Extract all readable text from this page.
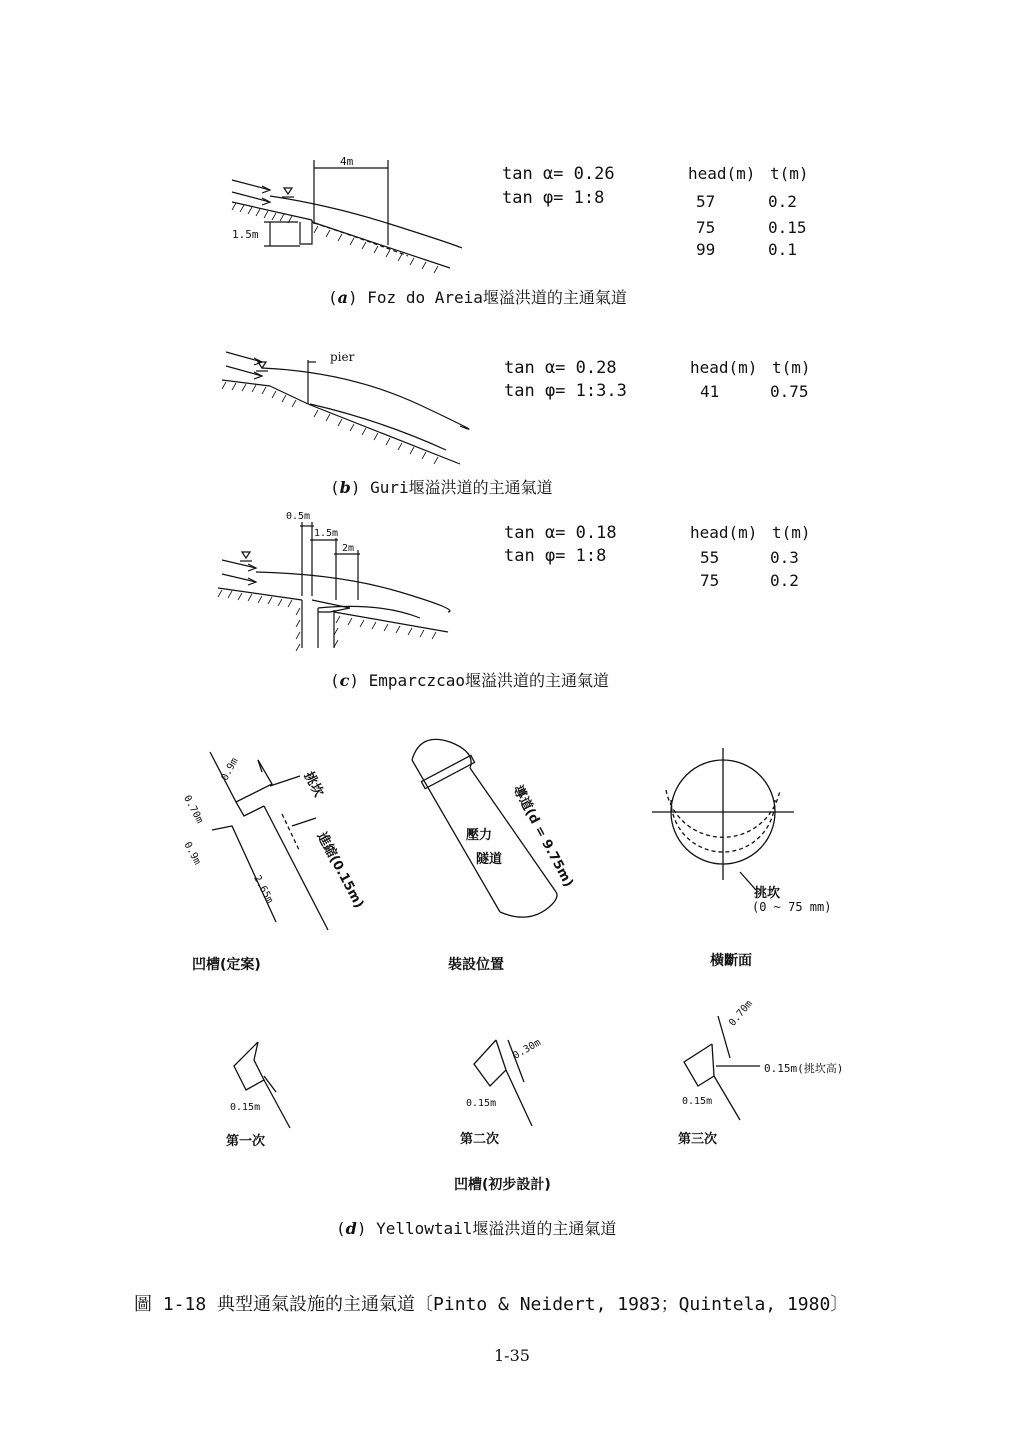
4m
1.5m
tan α= 0.26
tan φ= 1:8
head(m) t(m)
57	0.2
75	0.15
99	0.1
(a) Foz do Areia堰溢洪道的主通氣道
pier
tan α= 0.28
tan φ= 1:3.3
head(m) t(m)
41	0.75
(b) Guri堰溢洪道的主通氣道
0.5m
1.5m
2m
tan α= 0.18
tan φ= 1:8
head(m) t(m)
55	0.3
75	0.2
(c) Emparczcao堰溢洪道的主通氣道
0.9m
0.70m
0.9m
2.65m
挑坎
進縮(0.15m)
凹槽(定案)
壓力
隧道 導道(d = 9.75m)
裝設位置
挑坎
(0 ~ 75 mm)
橫斷面
0.15m
第一次
0.15m
0.30m
第二次
0.15m
0.70m
0.15m(挑坎高)
第三次
凹槽(初步設計)
(d) Yellowtail堰溢洪道的主通氣道
圖 1-18 典型通氣設施的主通氣道〔Pinto & Neidert, 1983；Quintela, 1980〕
1-35
